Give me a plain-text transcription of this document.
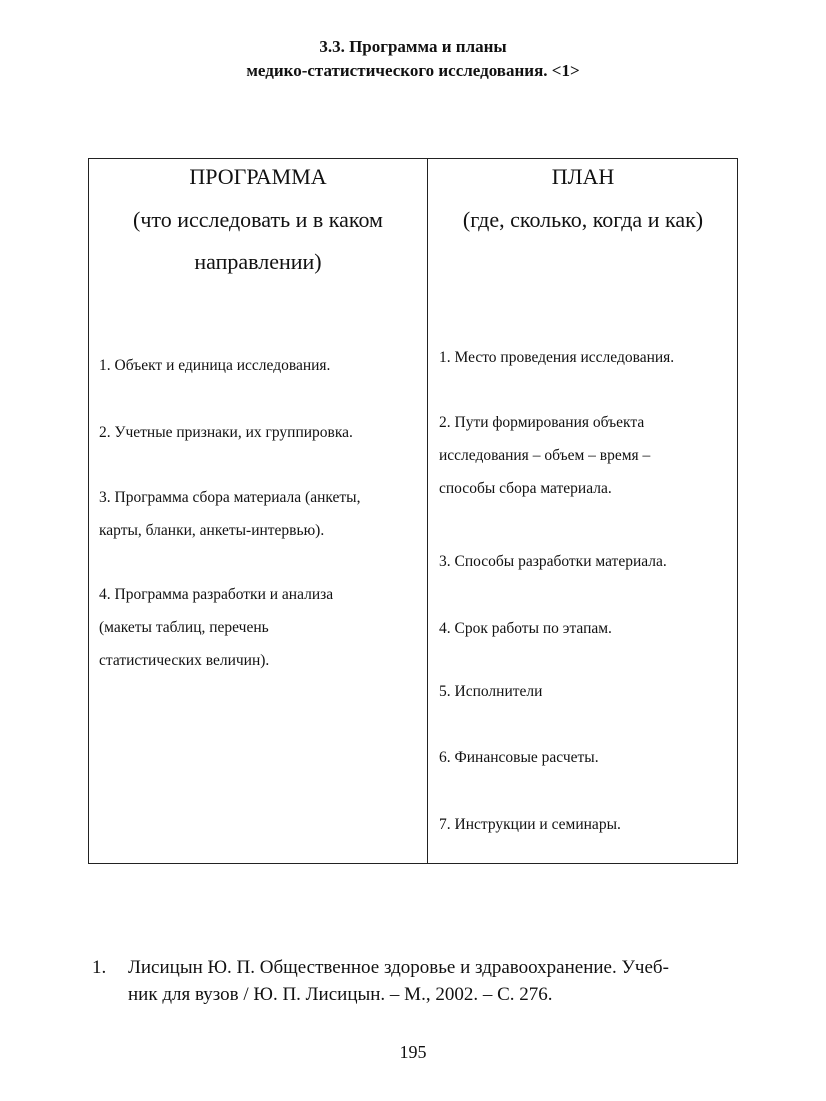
3.3. Программа и планы
медико-статистического исследования. <1>
ПРОГРАММА
(что исследовать и в каком
направлении)
1. Объект и единица исследования.
2. Учетные признаки, их группировка.
3. Программа сбора материала (анкеты,
карты, бланки, анкеты-интервью).
4. Программа разработки и анализа
(макеты таблиц, перечень
статистических величин).
ПЛАН
(где, сколько, когда и как)
1. Место проведения исследования.
2. Пути формирования объекта
исследования – объем – время –
способы сбора материала.
3. Способы разработки материала.
4. Срок работы по этапам.
5. Исполнители
6. Финансовые расчеты.
7. Инструкции и семинары.
1. Лисицын Ю. П. Общественное здоровье и здравоохранение. Учеб-
ник для вузов / Ю. П. Лисицын. – М., 2002. – С. 276.
195
